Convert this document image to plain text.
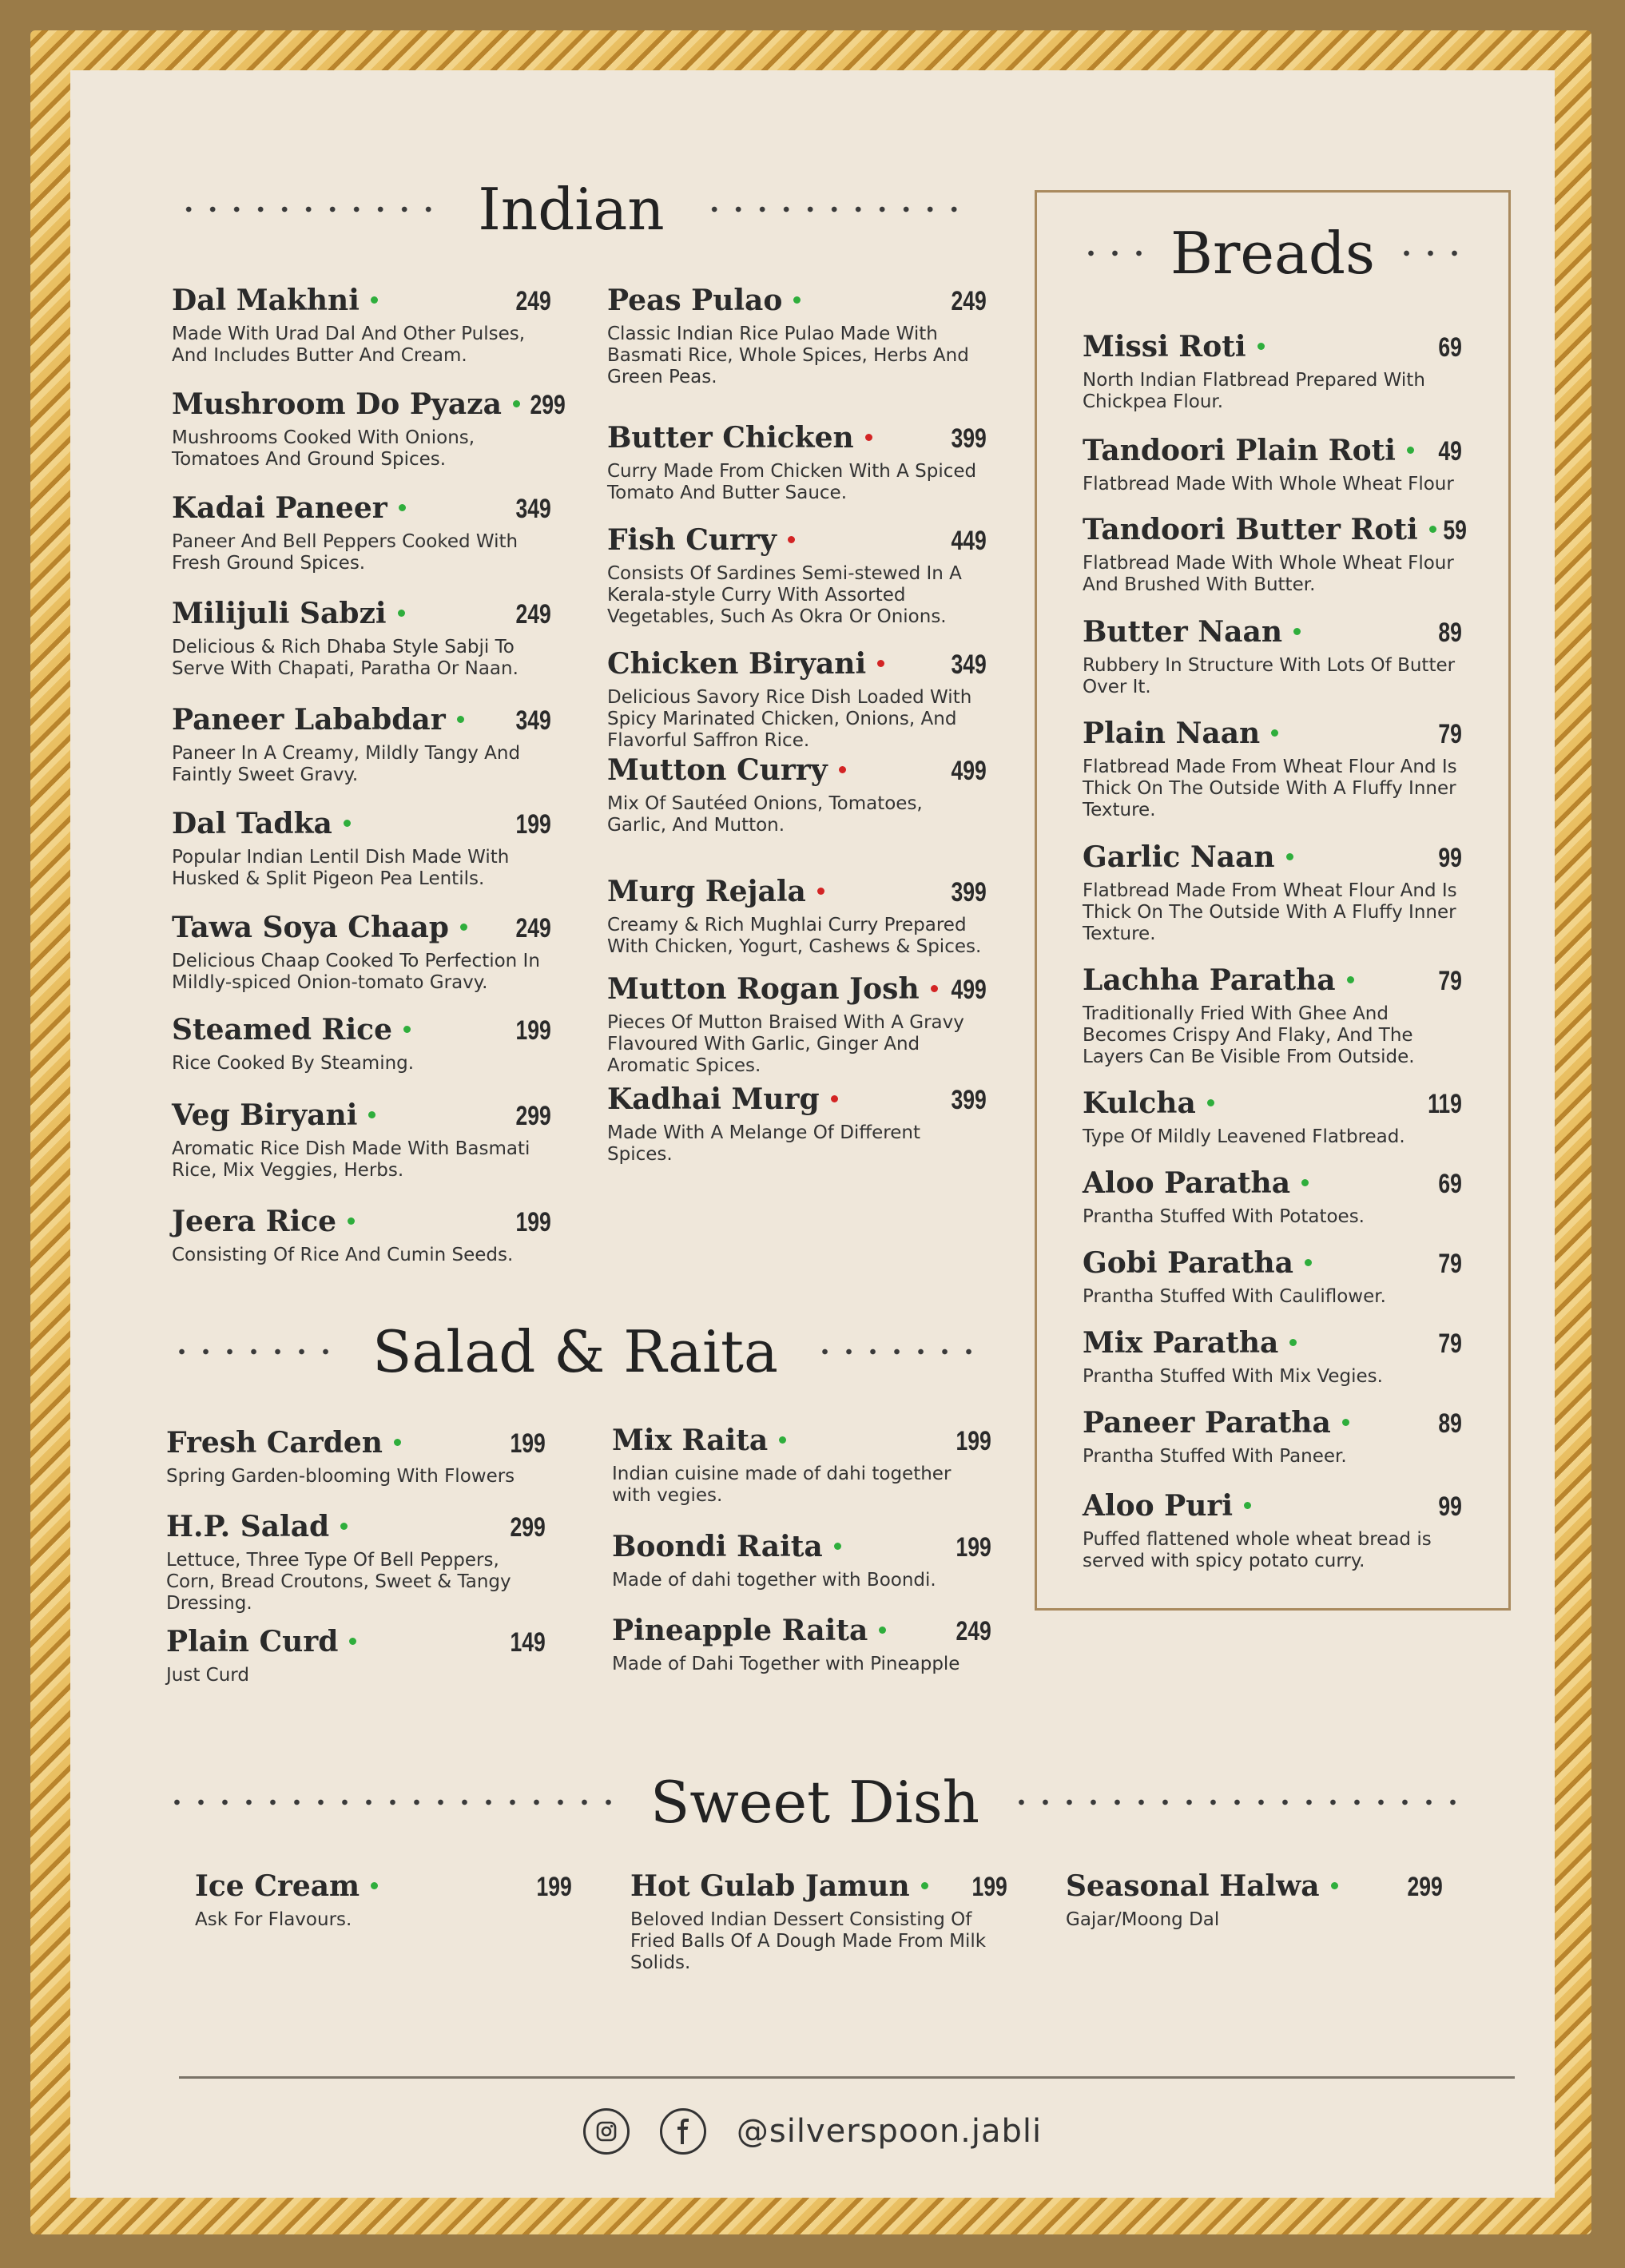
Indian
Breads
Salad & Raita
Sweet Dish
Dal Makhni	249
Made With Urad Dal And Other Pulses, And Includes Butter And Cream.
Mushroom Do Pyaza	299
Mushrooms Cooked With Onions, Tomatoes And Ground Spices.
Kadai Paneer	349
Paneer And Bell Peppers Cooked With Fresh Ground Spices.
Milijuli Sabzi	249
Delicious & Rich Dhaba Style Sabji To Serve With Chapati, Paratha Or Naan.
Paneer Lababdar	349
Paneer In A Creamy, Mildly Tangy And Faintly Sweet Gravy.
Dal Tadka	199
Popular Indian Lentil Dish Made With Husked & Split Pigeon Pea Lentils.
Tawa Soya Chaap	249
Delicious Chaap Cooked To Perfection In Mildly-spiced Onion-tomato Gravy.
Steamed Rice	199
Rice Cooked By Steaming.
Veg Biryani	299
Aromatic Rice Dish Made With Basmati Rice, Mix Veggies, Herbs.
Jeera Rice	199
Consisting Of Rice And Cumin Seeds.
Peas Pulao	249
Classic Indian Rice Pulao Made With Basmati Rice, Whole Spices, Herbs And Green Peas.
Butter Chicken	399
Curry Made From Chicken With A Spiced Tomato And Butter Sauce.
Fish Curry	449
Consists Of Sardines Semi-stewed In A Kerala-style Curry With Assorted Vegetables, Such As Okra Or Onions.
Chicken Biryani	349
Delicious Savory Rice Dish Loaded With Spicy Marinated Chicken, Onions, And Flavorful Saffron Rice.
Mutton Curry	499
Mix Of Sautéed Onions, Tomatoes, Garlic, And Mutton.
Murg Rejala	399
Creamy & Rich Mughlai Curry Prepared With Chicken, Yogurt, Cashews & Spices.
Mutton Rogan Josh	499
Pieces Of Mutton Braised With A Gravy Flavoured With Garlic, Ginger And Aromatic Spices.
Kadhai Murg	399
Made With A Melange Of Different Spices.
Missi Roti	69
North Indian Flatbread Prepared With Chickpea Flour.
Tandoori Plain Roti	49
Flatbread Made With Whole Wheat Flour
Tandoori Butter Roti 59
Flatbread Made With Whole Wheat Flour And Brushed With Butter.
Butter Naan	89
Rubbery In Structure With Lots Of Butter Over It.
Plain Naan	79
Flatbread Made From Wheat Flour And Is Thick On The Outside With A Fluffy Inner Texture.
Garlic Naan	99
Flatbread Made From Wheat Flour And Is Thick On The Outside With A Fluffy Inner Texture.
Lachha Paratha	79
Traditionally Fried With Ghee And Becomes Crispy And Flaky, And The Layers Can Be Visible From Outside.
Kulcha	119
Type Of Mildly Leavened Flatbread.
Aloo Paratha	69
Prantha Stuffed With Potatoes.
Gobi Paratha	79
Prantha Stuffed With Cauliflower.
Mix Paratha	79
Prantha Stuffed With Mix Vegies.
Paneer Paratha	89
Prantha Stuffed With Paneer.
Aloo Puri	99
Puffed flattened whole wheat bread is served with spicy potato curry.
Fresh Carden	199
Spring Garden-blooming With Flowers
H.P. Salad	299
Lettuce, Three Type Of Bell Peppers, Corn, Bread Croutons, Sweet & Tangy Dressing.
Plain Curd	149
Just Curd
Mix Raita	199
Indian cuisine made of dahi together with vegies.
Boondi Raita	199
Made of dahi together with Boondi.
Pineapple Raita	249
Made of Dahi Together with Pineapple
Ice Cream	199
Ask For Flavours.
Hot Gulab Jamun	199
Beloved Indian Dessert Consisting Of Fried Balls Of A Dough Made From Milk Solids.
Seasonal Halwa	299
Gajar/Moong Dal
@silverspoon.jabli
